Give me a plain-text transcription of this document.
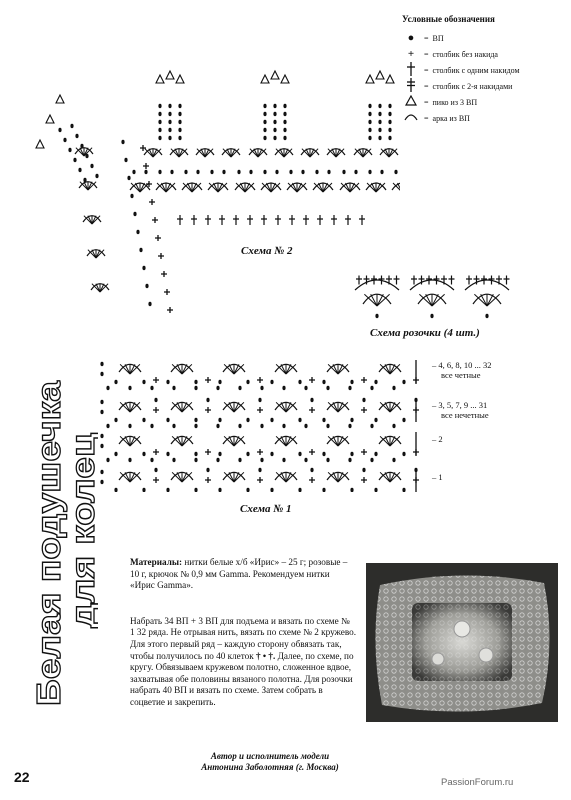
Условные обозначения
●	= ВП
+	= столбик без накида
= столбик с одним накидом
= столбик с 2-я накидами
= пико из 3 ВП
= арка из ВП
Схема № 2
Схема розочки (4 шт.)
Схема № 1
– 4, 6, 8, 10 ... 32
все четные
– 3, 5, 7, 9 ... 31
все нечетные
– 2
– 1
Белая подушечка
для колец	Материалы: нитки белые х/б «Ирис» – 25 г; розовые – 10 г, крючок № 0,9 мм Gamma. Рекомендуем нитки «Ирис Gamma».

Набрать 34 ВП + 3 ВП для подъема и вязать по схеме № 1 32 ряда. Не отрывая нить, вязать по схеме № 2 кружево. Для этого первый ряд – каждую сторону обвязать так, чтобы получилось по 40 клеток † • †. Далее, по схеме, по кругу. Обвязываем кружевом полотно, сложенное вдвое, захватывая обе половины вязаного полотна. Для розочки набрать 40 ВП и вязать по схеме. Затем собрать в соцветие и закрепить.

Автор и исполнитель модели
Антонина Заболотняя (г. Москва)
22	PassionForum.ru
